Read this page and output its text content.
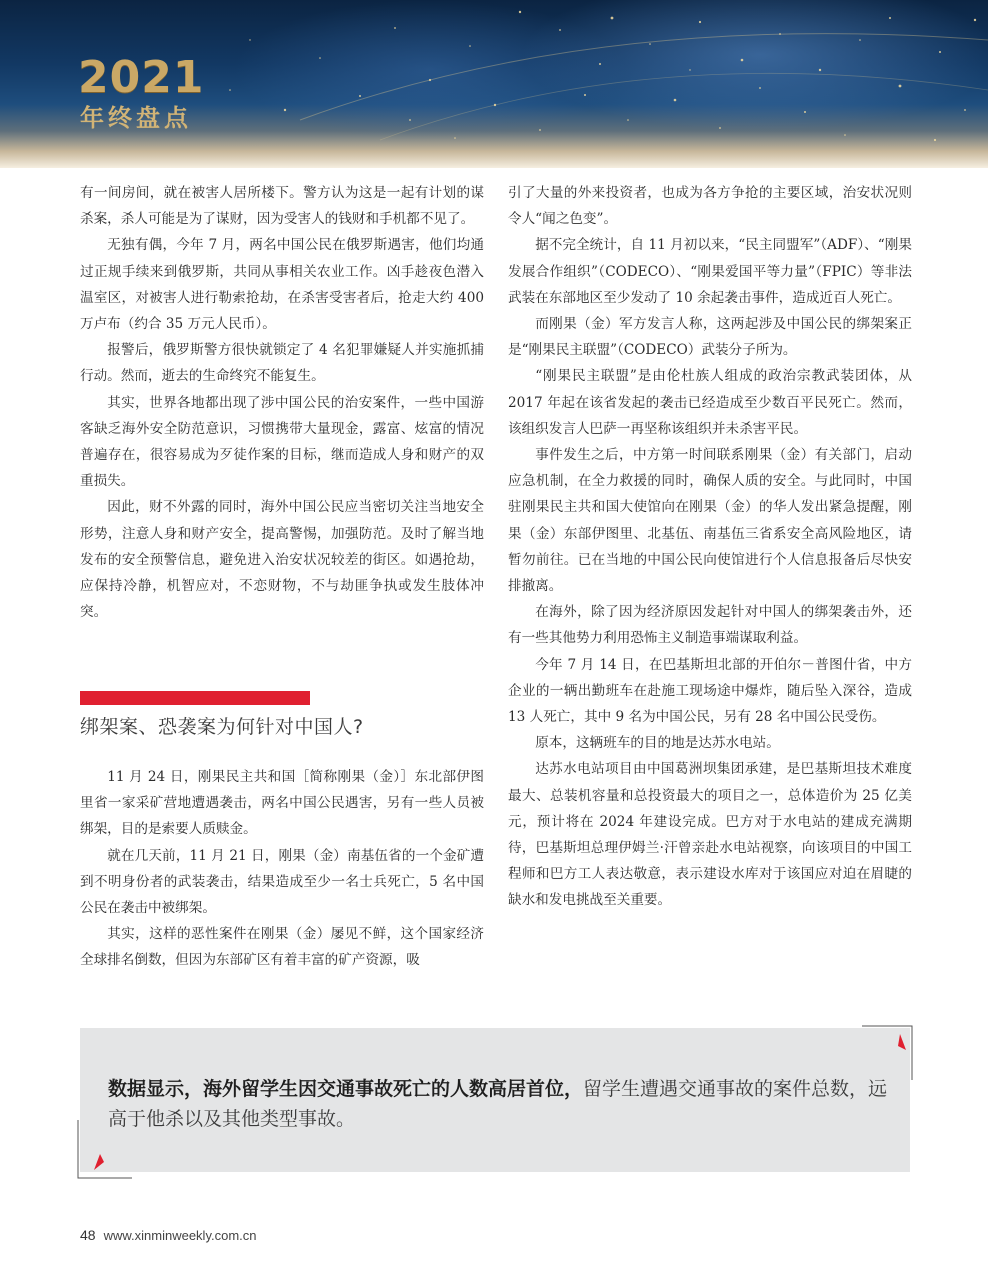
2021
年终盘点

有一间房间，就在被害人居所楼下。警方认为这是一起有计划的谋杀案，杀人可能是为了谋财，因为受害人的钱财和手机都不见了。

无独有偶，今年 7 月，两名中国公民在俄罗斯遇害，他们均通过正规手续来到俄罗斯，共同从事相关农业工作。凶手趁夜色潜入温室区，对被害人进行勒索抢劫，在杀害受害者后，抢走大约 400 万卢布（约合 35 万元人民币）。

报警后，俄罗斯警方很快就锁定了 4 名犯罪嫌疑人并实施抓捕行动。然而，逝去的生命终究不能复生。

其实，世界各地都出现了涉中国公民的治安案件，一些中国游客缺乏海外安全防范意识，习惯携带大量现金，露富、炫富的情况普遍存在，很容易成为歹徒作案的目标，继而造成人身和财产的双重损失。

因此，财不外露的同时，海外中国公民应当密切关注当地安全形势，注意人身和财产安全，提高警惕，加强防范。及时了解当地发布的安全预警信息，避免进入治安状况较差的街区。如遇抢劫，应保持冷静，机智应对，不恋财物，不与劫匪争执或发生肢体冲突。

绑架案、恐袭案为何针对中国人?

11 月 24 日，刚果民主共和国［简称刚果（金）］东北部伊图里省一家采矿营地遭遇袭击，两名中国公民遇害，另有一些人员被绑架，目的是索要人质赎金。

就在几天前，11 月 21 日，刚果（金）南基伍省的一个金矿遭到不明身份者的武装袭击，结果造成至少一名士兵死亡，5 名中国公民在袭击中被绑架。

其实，这样的恶性案件在刚果（金）屡见不鲜，这个国家经济全球排名倒数，但因为东部矿区有着丰富的矿产资源，吸

引了大量的外来投资者，也成为各方争抢的主要区域，治安状况则令人“闻之色变”。

据不完全统计，自 11 月初以来，“民主同盟军”（ADF）、“刚果发展合作组织”（CODECO）、“刚果爱国平等力量”（FPIC）等非法武装在东部地区至少发动了 10 余起袭击事件，造成近百人死亡。

而刚果（金）军方发言人称，这两起涉及中国公民的绑架案正是“刚果民主联盟”（CODECO）武装分子所为。

“刚果民主联盟”是由伦杜族人组成的政治宗教武装团体，从 2017 年起在该省发起的袭击已经造成至少数百平民死亡。然而，该组织发言人巴萨一再坚称该组织并未杀害平民。

事件发生之后，中方第一时间联系刚果（金）有关部门，启动应急机制，在全力救援的同时，确保人质的安全。与此同时，中国驻刚果民主共和国大使馆向在刚果（金）的华人发出紧急提醒，刚果（金）东部伊图里、北基伍、南基伍三省系安全高风险地区，请暂勿前往。已在当地的中国公民向使馆进行个人信息报备后尽快安排撤离。

在海外，除了因为经济原因发起针对中国人的绑架袭击外，还有一些其他势力利用恐怖主义制造事端谋取利益。

今年 7 月 14 日，在巴基斯坦北部的开伯尔－普图什省，中方企业的一辆出勤班车在赴施工现场途中爆炸，随后坠入深谷，造成 13 人死亡，其中 9 名为中国公民，另有 28 名中国公民受伤。

原本，这辆班车的目的地是达苏水电站。

达苏水电站项目由中国葛洲坝集团承建，是巴基斯坦技术难度最大、总装机容量和总投资最大的项目之一，总体造价为 25 亿美元，预计将在 2024 年建设完成。巴方对于水电站的建成充满期待，巴基斯坦总理伊姆兰·汗曾亲赴水电站视察，向该项目的中国工程师和巴方工人表达敬意，表示建设水库对于该国应对迫在眉睫的缺水和发电挑战至关重要。

数据显示，海外留学生因交通事故死亡的人数高居首位，留学生遭遇交通事故的案件总数，远高于他杀以及其他类型事故。
48 www.xinminweekly.com.cn
